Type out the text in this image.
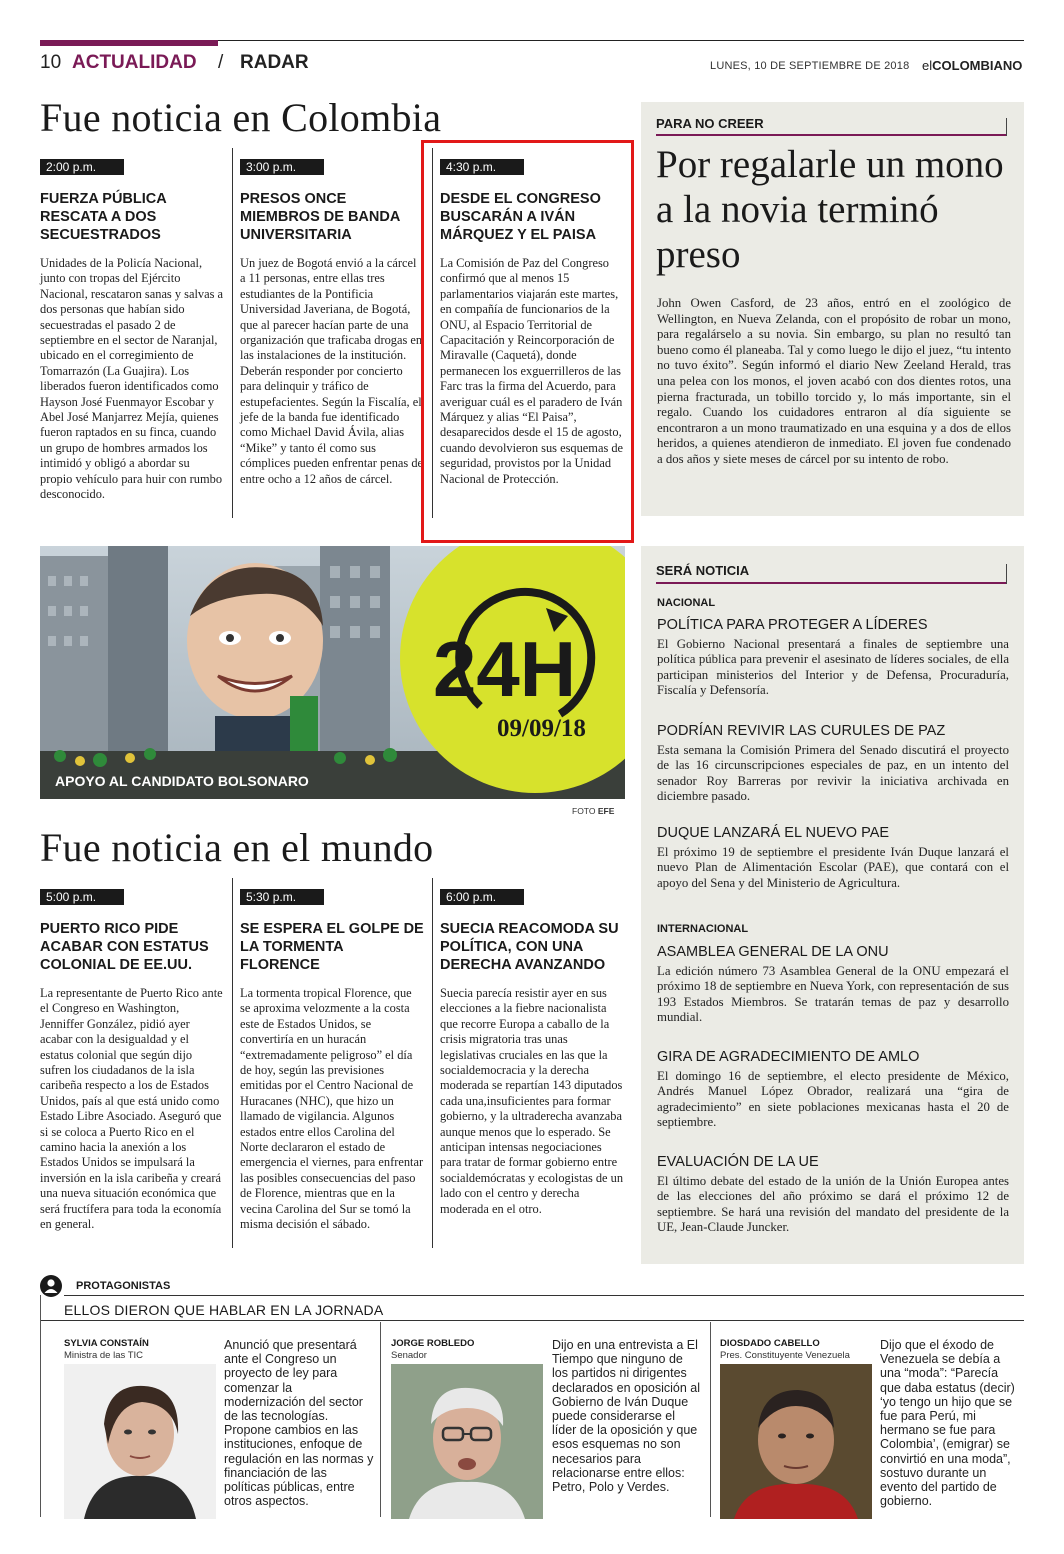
10 ACTUALIDAD / RADAR	LUNES, 10 DE SEPTIEMBRE DE 2018 elCOLOMBIANO
Fue noticia en Colombia
2:00 p.m.
FUERZA PÚBLICA RESCATA A DOS SECUESTRADOS

Unidades de la Policía Nacional, junto con tropas del Ejército Nacional, rescataron sanas y salvas a dos personas que habían sido secuestradas el pasado 2 de septiembre en el sector de Naranjal, ubicado en el corregimiento de Tomarrazón (La Guajira). Los liberados fueron identificados como Hayson José Fuenmayor Escobar y Abel José Manjarrez Mejía, quienes fueron raptados en su finca, cuando un grupo de hombres armados los intimidó y obligó a abordar su propio vehículo para huir con rumbo desconocido.

3:00 p.m.
PRESOS ONCE MIEMBROS DE BANDA UNIVERSITARIA

Un juez de Bogotá envió a la cárcel a 11 personas, entre ellas tres estudiantes de la Pontificia Universidad Javeriana, de Bogotá, que al parecer hacían parte de una organización que traficaba drogas en las instalaciones de la institución. Deberán responder por concierto para delinquir y tráfico de estupefacientes. Según la Fiscalía, el jefe de la banda fue identificado como Michael David Ávila, alias “Mike” y tanto él como sus cómplices pueden enfrentar penas de entre ocho a 12 años de cárcel.

4:30 p.m.
DESDE EL CONGRESO BUSCARÁN A IVÁN MÁRQUEZ Y EL PAISA

La Comisión de Paz del Congreso confirmó que al menos 15 parlamentarios viajarán este martes, en compañía de funcionarios de la ONU, al Espacio Territorial de Capacitación y Reincorporación de Miravalle (Caquetá), donde permanecen los exguerrilleros de las Farc tras la firma del Acuerdo, para averiguar cuál es el paradero de Iván Márquez y alias “El Paisa”, desaparecidos desde el 15 de agosto, cuando devolvieron sus esquemas de seguridad, provistos por la Unidad Nacional de Protección.

PARA NO CREER
Por regalarle un mono a la novia terminó preso
John Owen Casford, de 23 años, entró en el zoológico de Wellington, en Nueva Zelanda, con el propósito de robar un mono, para regalárselo a su novia. Sin embargo, su plan no resultó tan bueno como él planeaba. Tal y como luego le dijo el juez, “tu intento no tuvo éxito”. Según informó el diario New Zeeland Herald, tras una pelea con los monos, el joven acabó con dos dientes rotos, una pierna fracturada, un tobillo torcido y, lo más importante, sin el regalo. Cuando los cuidadores entraron al día siguiente se encontraron a un mono traumatizado en una esquina y a dos de ellos heridos, a quienes atendieron de inmediato. El joven fue condenado a dos años y siete meses de cárcel por su intento de robo.
24H
09/09/18
APOYO AL CANDIDATO BOLSONARO
FOTO EFE
Fue noticia en el mundo
5:00 p.m.
PUERTO RICO PIDE ACABAR CON ESTATUS COLONIAL DE EE.UU.

La representante de Puerto Rico ante el Congreso en Washington, Jenniffer González, pidió ayer acabar con la desigualdad y el estatus colonial que según dijo sufren los ciudadanos de la isla caribeña respecto a los de Estados Unidos, país al que está unido como Estado Libre Asociado. Aseguró que si se coloca a Puerto Rico en el camino hacia la anexión a los Estados Unidos se impulsará la inversión en la isla caribeña y creará una nueva situación económica que será fructífera para toda la economía en general.

5:30 p.m.
SE ESPERA EL GOLPE DE LA TORMENTA FLORENCE

La tormenta tropical Florence, que se aproxima velozmente a la costa este de Estados Unidos, se convertiría en un huracán “extremadamente peligroso” el día de hoy, según las previsiones emitidas por el Centro Nacional de Huracanes (NHC), que hizo un llamado de vigilancia. Algunos estados entre ellos Carolina del Norte declararon el estado de emergencia el viernes, para enfrentar las posibles consecuencias del paso de Florence, mientras que en la vecina Carolina del Sur se tomó la misma decisión el sábado.

6:00 p.m.
SUECIA REACOMODA SU POLÍTICA, CON UNA DERECHA AVANZANDO

Suecia parecía resistir ayer en sus elecciones a la fiebre nacionalista que recorre Europa a caballo de la crisis migratoria tras unas legislativas cruciales en las que la socialdemocracia y la derecha moderada se repartían 143 diputados cada una,insuficientes para formar gobierno, y la ultraderecha avanzaba aunque menos que lo esperado. Se anticipan intensas negociaciones para tratar de formar gobierno entre socialdemócratas y ecologistas de un lado con el centro y derecha moderada en el otro.

SERÁ NOTICIA
NACIONAL
POLÍTICA PARA PROTEGER A LÍDERES

El Gobierno Nacional presentará a finales de septiembre una política pública para prevenir el asesinato de líderes sociales, de ella participan ministerios del Interior y de Defensa, Procuraduría, Fiscalía y Defensoría.

PODRÍAN REVIVIR LAS CURULES DE PAZ

Esta semana la Comisión Primera del Senado discutirá el proyecto de las 16 circunscripciones especiales de paz, en un intento del senador Roy Barreras por revivir la iniciativa archivada en diciembre pasado.

DUQUE LANZARÁ EL NUEVO PAE

El próximo 19 de septiembre el presidente Iván Duque lanzará el nuevo Plan de Alimentación Escolar (PAE), que contará con el apoyo del Sena y del Ministerio de Agricultura.

INTERNACIONAL
ASAMBLEA GENERAL DE LA ONU

La edición número 73 Asamblea General de la ONU empezará el próximo 18 de septiembre en Nueva York, con representación de sus 193 Estados Miembros. Se tratarán temas de paz y desarrollo mundial.

GIRA DE AGRADECIMIENTO DE AMLO

El domingo 16 de septiembre, el electo presidente de México, Andrés Manuel López Obrador, realizará una “gira de agradecimiento” en siete poblaciones mexicanas hasta el 20 de septiembre.

EVALUACIÓN DE LA UE

El último debate del estado de la unión de la Unión Europea antes de las elecciones del año próximo se dará el próximo 12 de septiembre. Se hará una revisión del mandato del presidente de la UE, Jean-Claude Juncker.

PROTAGONISTAS
ELLOS DIERON QUE HABLAR EN LA JORNADA
SYLVIA CONSTAÍN
Ministra de las TIC
Anunció que presentará ante el Congreso un proyecto de ley para comenzar la modernización del sector de las tecnologías. Propone cambios en las instituciones, enfoque de regulación en las normas y financiación de las políticas públicas, entre otros aspectos.
JORGE ROBLEDO
Senador
Dijo en una entrevista a El Tiempo que ninguno de los partidos ni dirigentes declarados en oposición al Gobierno de Iván Duque puede considerarse el líder de la oposición y que esos esquemas no son necesarios para relacionarse entre ellos: Petro, Polo y Verdes.
DIOSDADO CABELLO
Pres. Constituyente Venezuela
Dijo que el éxodo de Venezuela se debía a una “moda”: “Parecía que daba estatus (decir) ‘yo tengo un hijo que se fue para Perú, mi hermano se fue para Colombia’, (emigrar) se convirtió en una moda”, sostuvo durante un evento del partido de gobierno.
